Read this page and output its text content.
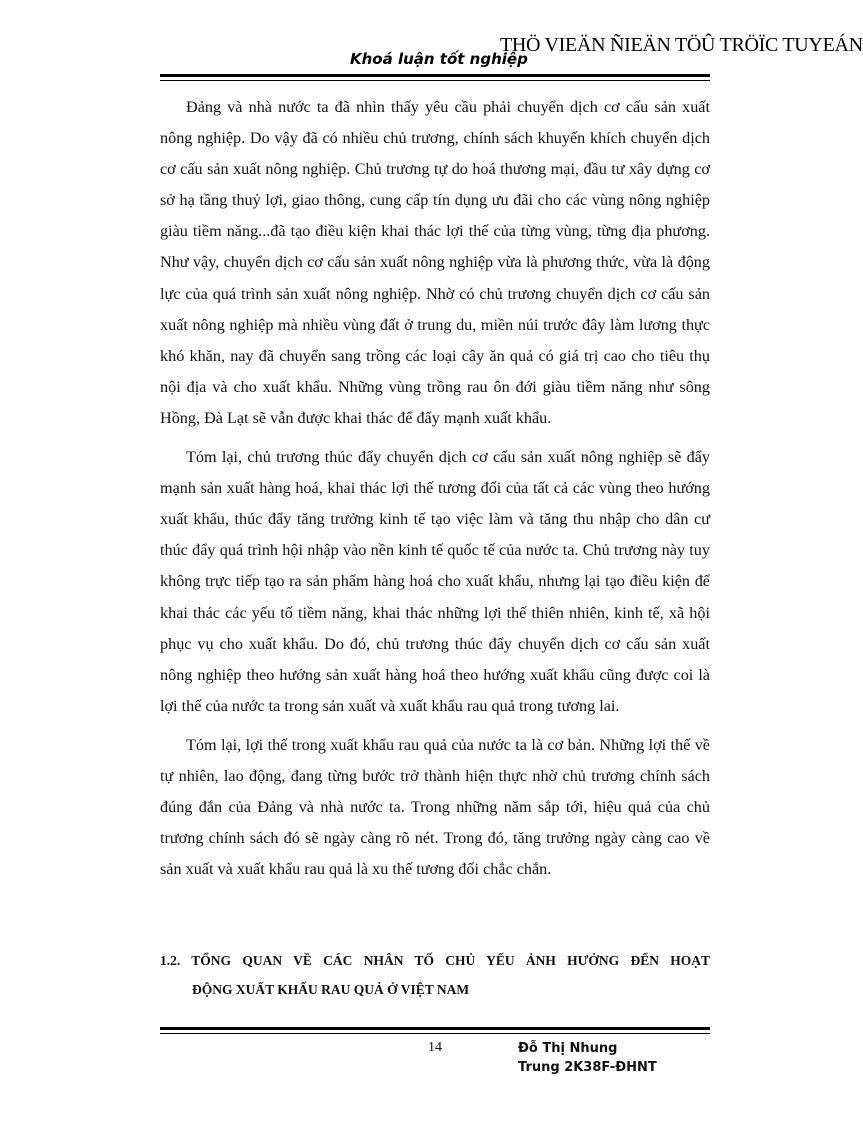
THÖ VIEÄN ÑIEÄN TÖÛ TRÖÏC TUYEÁN
Khoá luận tốt nghiệp

Đảng và nhà nước ta đã nhìn thấy yêu cầu phải chuyển dịch cơ cấu sản xuất nông nghiệp. Do vậy đã có nhiều chủ trương, chính sách khuyến khích chuyển dịch cơ cấu sản xuất nông nghiệp. Chủ trương tự do hoá thương mại, đầu tư xây dựng cơ sở hạ tầng thuỷ lợi, giao thông, cung cấp tín dụng ưu đãi cho các vùng nông nghiệp giàu tiềm năng...đã tạo điều kiện khai thác lợi thế của từng vùng, từng địa phương. Như vậy, chuyển dịch cơ cấu sản xuất nông nghiệp vừa là phương thức, vừa là động lực của quá trình sản xuất nông nghiệp. Nhờ có chủ trương chuyển dịch cơ cấu sản xuất nông nghiệp mà nhiều vùng đất ở trung du, miền núi trước đây làm lương thực khó khăn, nay đã chuyển sang trồng các loại cây ăn quả có giá trị cao cho tiêu thụ nội địa và cho xuất khẩu. Những vùng trồng rau ôn đới giàu tiềm năng như sông Hồng, Đà Lạt sẽ vẫn được khai thác để đẩy mạnh xuất khẩu.

Tóm lại, chủ trương thúc đẩy chuyển dịch cơ cấu sản xuất nông nghiệp sẽ đẩy mạnh sản xuất hàng hoá, khai thác lợi thế tương đối của tất cả các vùng theo hướng xuất khẩu, thúc đẩy tăng trưởng kinh tế tạo việc làm và tăng thu nhập cho dân cư thúc đẩy quá trình hội nhập vào nền kinh tế quốc tế của nước ta. Chủ trương này tuy không trực tiếp tạo ra sản phẩm hàng hoá cho xuất khẩu, nhưng lại tạo điều kiện để khai thác các yếu tố tiềm năng, khai thác những lợi thế thiên nhiên, kinh tế, xã hội phục vụ cho xuất khẩu. Do đó, chủ trương thúc đẩy chuyển dịch cơ cấu sản xuất nông nghiệp theo hướng sản xuất hàng hoá theo hướng xuất khẩu cũng được coi là lợi thế của nước ta trong sản xuất và xuất khẩu rau quả trong tương lai.

Tóm lại, lợi thế trong xuất khẩu rau quả của nước ta là cơ bản. Những lợi thế về tự nhiên, lao động, đang từng bước trở thành hiện thực nhờ chủ trương chính sách đúng đắn của Đảng và nhà nước ta. Trong những năm sắp tới, hiệu quả của chủ trương chính sách đó sẽ ngày càng rõ nét. Trong đó, tăng trưởng ngày càng cao về sản xuất và xuất khẩu rau quả là xu thế tương đối chắc chắn.

1.2. TỔNG QUAN VỀ CÁC NHÂN TỐ CHỦ YẾU ẢNH HƯỞNG ĐẾN HOẠT
ĐỘNG XUẤT KHẨU RAU QUẢ Ở VIỆT NAM
14	Đỗ Thị Nhung
Trung 2K38F-ĐHNT
